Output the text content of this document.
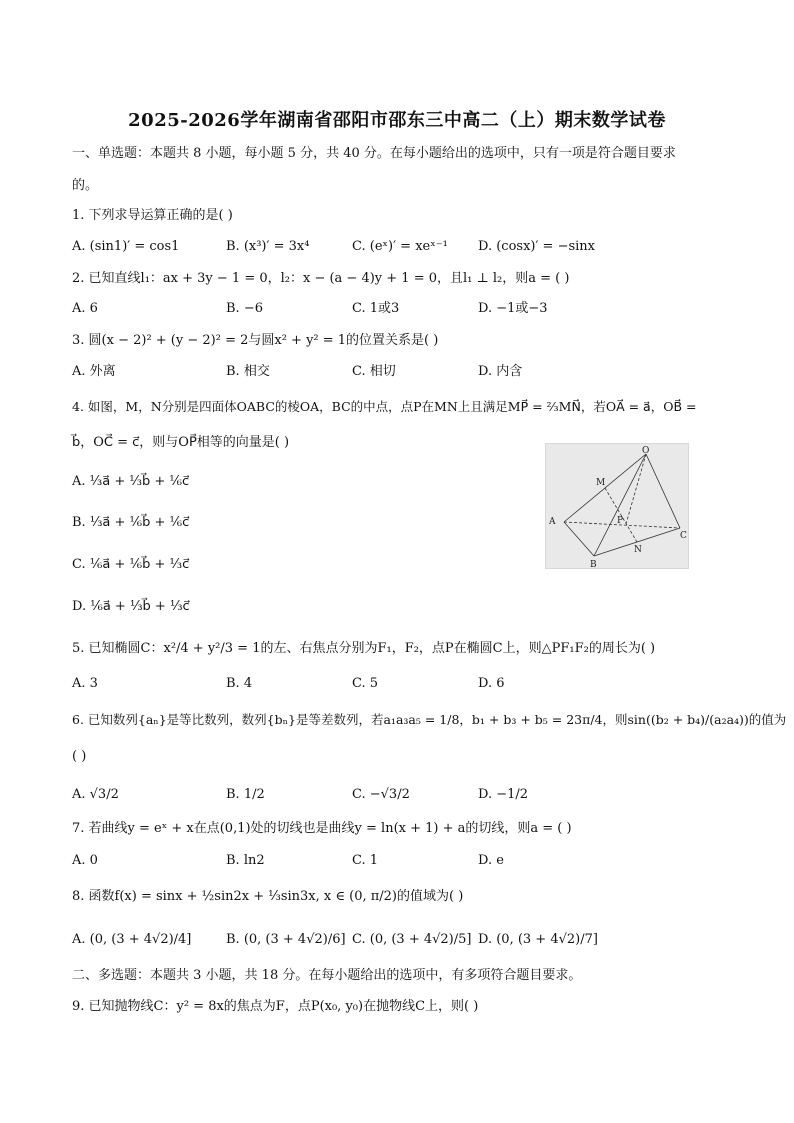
2025-2026学年湖南省邵阳市邵东三中高二（上）期末数学试卷
一、单选题：本题共 8 小题，每小题 5 分，共 40 分。在每小题给出的选项中，只有一项是符合题目要求
的。
1. 下列求导运算正确的是( )
A. (sin1)′ = cos1	B. (x³)′ = 3x⁴	C. (eˣ)′ = xeˣ⁻¹ D. (cosx)′ = −sinx
2. 已知直线l₁：ax + 3y − 1 = 0，l₂：x − (a − 4)y + 1 = 0，且l₁ ⊥ l₂，则a = ( )
A. 6	B. −6	C. 1或3	D. −1或−3
3. 圆(x − 2)² + (y − 2)² = 2与圆x² + y² = 1的位置关系是( )
A. 外离	B. 相交	C. 相切	D. 内含
4. 如图，M，N分别是四面体OABC的棱OA，BC的中点，点P在MN上且满足MP⃗ = ⅔MN⃗，若OA⃗ = a⃗，OB⃗ =
b⃗，OC⃗ = c⃗，则与OP⃗相等的向量是( )
A. ⅓a⃗ + ⅓b⃗ + ⅙c⃗
B. ⅓a⃗ + ⅙b⃗ + ⅙c⃗
C. ⅙a⃗ + ⅙b⃗ + ⅓c⃗
D. ⅙a⃗ + ⅓b⃗ + ⅓c⃗
O
M
A	P
N
B
C
5. 已知椭圆C：x²/4 + y²/3 = 1的左、右焦点分别为F₁，F₂，点P在椭圆C上，则△PF₁F₂的周长为( )
A. 3	B. 4	C. 5	D. 6
6. 已知数列{aₙ}是等比数列，数列{bₙ}是等差数列，若a₁a₃a₅ = 1/8，b₁ + b₃ + b₅ = 23π/4，则sin((b₂ + b₄)/(a₂a₄))的值为
( )
A. √3/2	B. 1/2	C. −√3/2	D. −1/2
7. 若曲线y = eˣ + x在点(0,1)处的切线也是曲线y = ln(x + 1) + a的切线，则a = ( )
A. 0	B. ln2	C. 1	D. e
8. 函数f(x) = sinx + ½sin2x + ⅓sin3x, x ∈ (0, π/2)的值域为( )
A. (0, (3 + 4√2)/4]	B. (0, (3 + 4√2)/6] C. (0, (3 + 4√2)/5] D. (0, (3 + 4√2)/7]
二、多选题：本题共 3 小题，共 18 分。在每小题给出的选项中，有多项符合题目要求。
9. 已知抛物线C：y² = 8x的焦点为F，点P(x₀, y₀)在抛物线C上，则( )
